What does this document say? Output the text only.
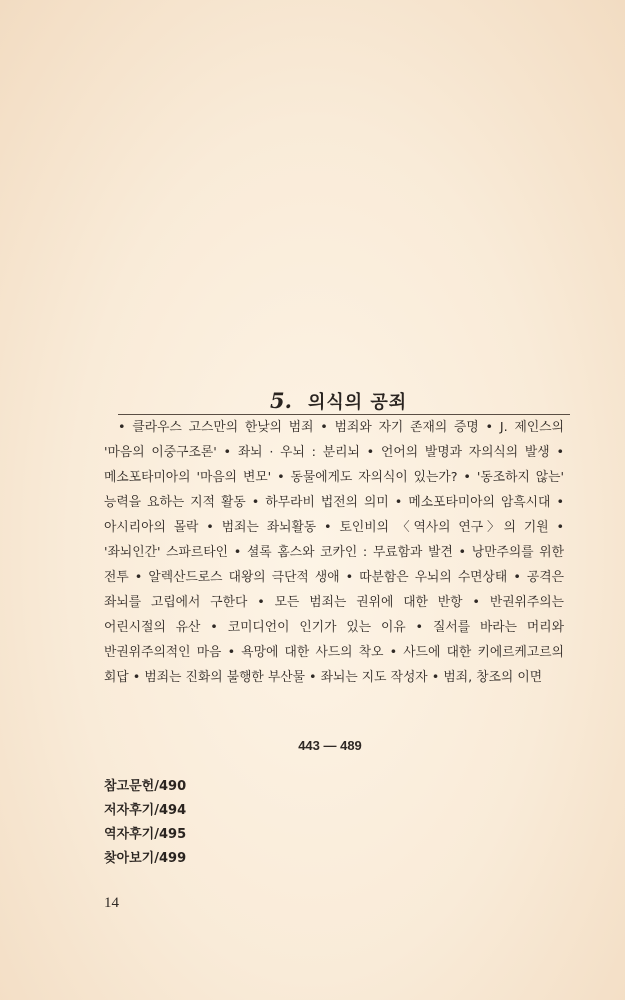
5. 의식의 공죄

• 클라우스 고스만의 한낮의 범죄 • 범죄와 자기 존재의 증명 • J. 제인스의 '마음의 이중구조론' • 좌뇌 · 우뇌 : 분리뇌 • 언어의 발명과 자의식의 발생 • 메소포타미아의 '마음의 변모' • 동물에게도 자의식이 있는가? • '동조하지 않는' 능력을 요하는 지적 활동 • 하무라비 법전의 의미 • 메소포타미아의 암흑시대 • 아시리아의 몰락 • 범죄는 좌뇌활동 • 토인비의 〈역사의 연구〉의 기원 • '좌뇌인간' 스파르타인 • 셜록 홈스와 코카인 : 무료함과 발견 • 낭만주의를 위한 전투 • 알렉산드로스 대왕의 극단적 생애 • 따분함은 우뇌의 수면상태 • 공격은 좌뇌를 고립에서 구한다 • 모든 범죄는 권위에 대한 반항 • 반권위주의는 어린시절의 유산 • 코미디언이 인기가 있는 이유 • 질서를 바라는 머리와 반권위주의적인 마음 • 욕망에 대한 사드의 착오 • 사드에 대한 키에르케고르의 회답 • 범죄는 진화의 불행한 부산물 • 좌뇌는 지도 작성자 • 범죄, 창조의 이면

443 — 489
참고문헌/490
저자후기/494
역자후기/495
찾아보기/499
14
